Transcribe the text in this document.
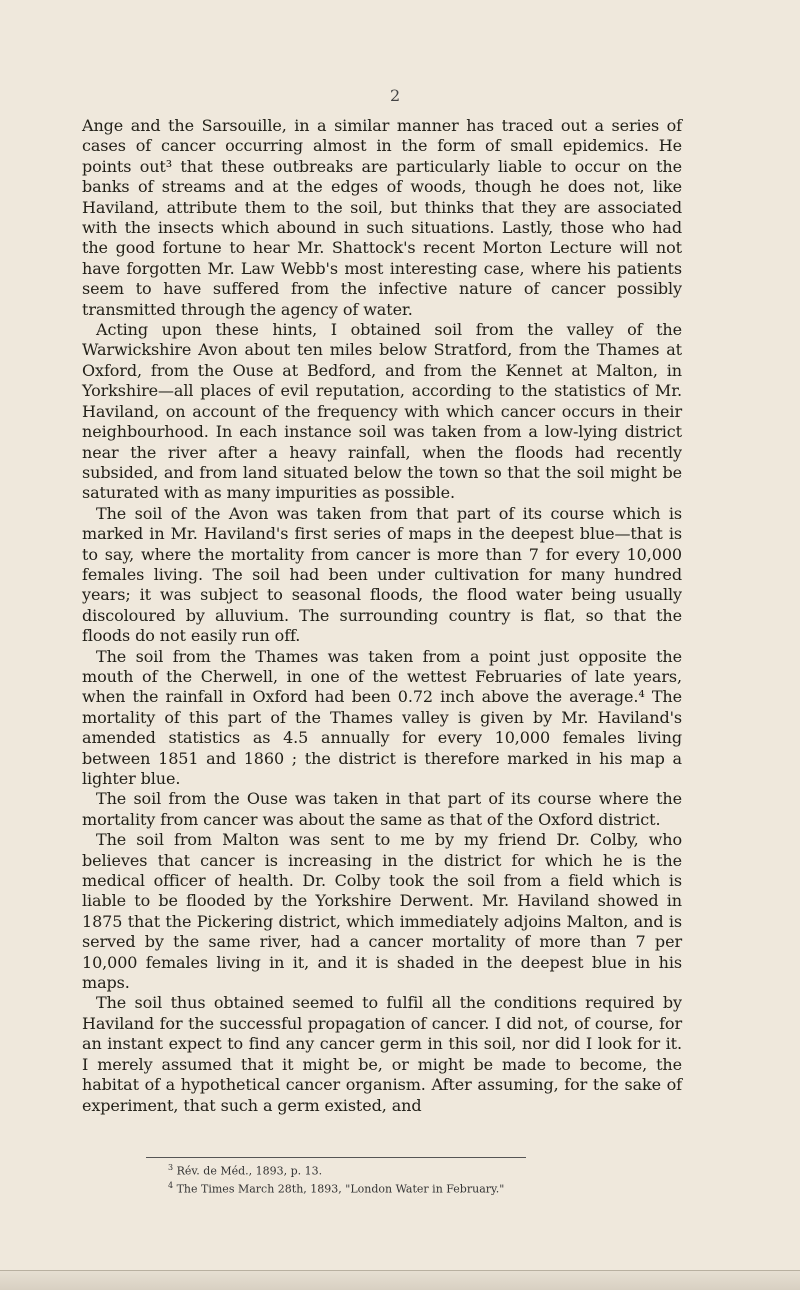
2

Ange and the Sarsouille, in a similar manner has traced out a series of cases of cancer occurring almost in the form of small epidemics. He points out³ that these outbreaks are particularly liable to occur on the banks of streams and at the edges of woods, though he does not, like Haviland, attribute them to the soil, but thinks that they are associated with the insects which abound in such situations. Lastly, those who had the good fortune to hear Mr. Shattock's recent Morton Lecture will not have forgotten Mr. Law Webb's most interesting case, where his patients seem to have suffered from the infective nature of cancer possibly transmitted through the agency of water.

Acting upon these hints, I obtained soil from the valley of the Warwickshire Avon about ten miles below Stratford, from the Thames at Oxford, from the Ouse at Bedford, and from the Kennet at Malton, in Yorkshire—all places of evil reputation, according to the statistics of Mr. Haviland, on account of the frequency with which cancer occurs in their neighbourhood. In each instance soil was taken from a low-lying district near the river after a heavy rainfall, when the floods had recently subsided, and from land situated below the town so that the soil might be saturated with as many impurities as possible.

The soil of the Avon was taken from that part of its course which is marked in Mr. Haviland's first series of maps in the deepest blue—that is to say, where the mortality from cancer is more than 7 for every 10,000 females living. The soil had been under cultivation for many hundred years; it was subject to seasonal floods, the flood water being usually discoloured by alluvium. The surrounding country is flat, so that the floods do not easily run off.

The soil from the Thames was taken from a point just opposite the mouth of the Cherwell, in one of the wettest Februaries of late years, when the rainfall in Oxford had been 0.72 inch above the average.⁴ The mortality of this part of the Thames valley is given by Mr. Haviland's amended statistics as 4.5 annually for every 10,000 females living between 1851 and 1860 ; the district is therefore marked in his map a lighter blue.

The soil from the Ouse was taken in that part of its course where the mortality from cancer was about the same as that of the Oxford district.

The soil from Malton was sent to me by my friend Dr. Colby, who believes that cancer is increasing in the district for which he is the medical officer of health. Dr. Colby took the soil from a field which is liable to be flooded by the Yorkshire Derwent. Mr. Haviland showed in 1875 that the Pickering district, which immediately adjoins Malton, and is served by the same river, had a cancer mortality of more than 7 per 10,000 females living in it, and it is shaded in the deepest blue in his maps.

The soil thus obtained seemed to fulfil all the conditions required by Haviland for the successful propagation of cancer. I did not, of course, for an instant expect to find any cancer germ in this soil, nor did I look for it. I merely assumed that it might be, or might be made to become, the habitat of a hypothetical cancer organism. After assuming, for the sake of experiment, that such a germ existed, and

$^3$ Rév. de Méd., 1893, p. 13.
$^4$ The Times March 28th, 1893, "London Water in February."
